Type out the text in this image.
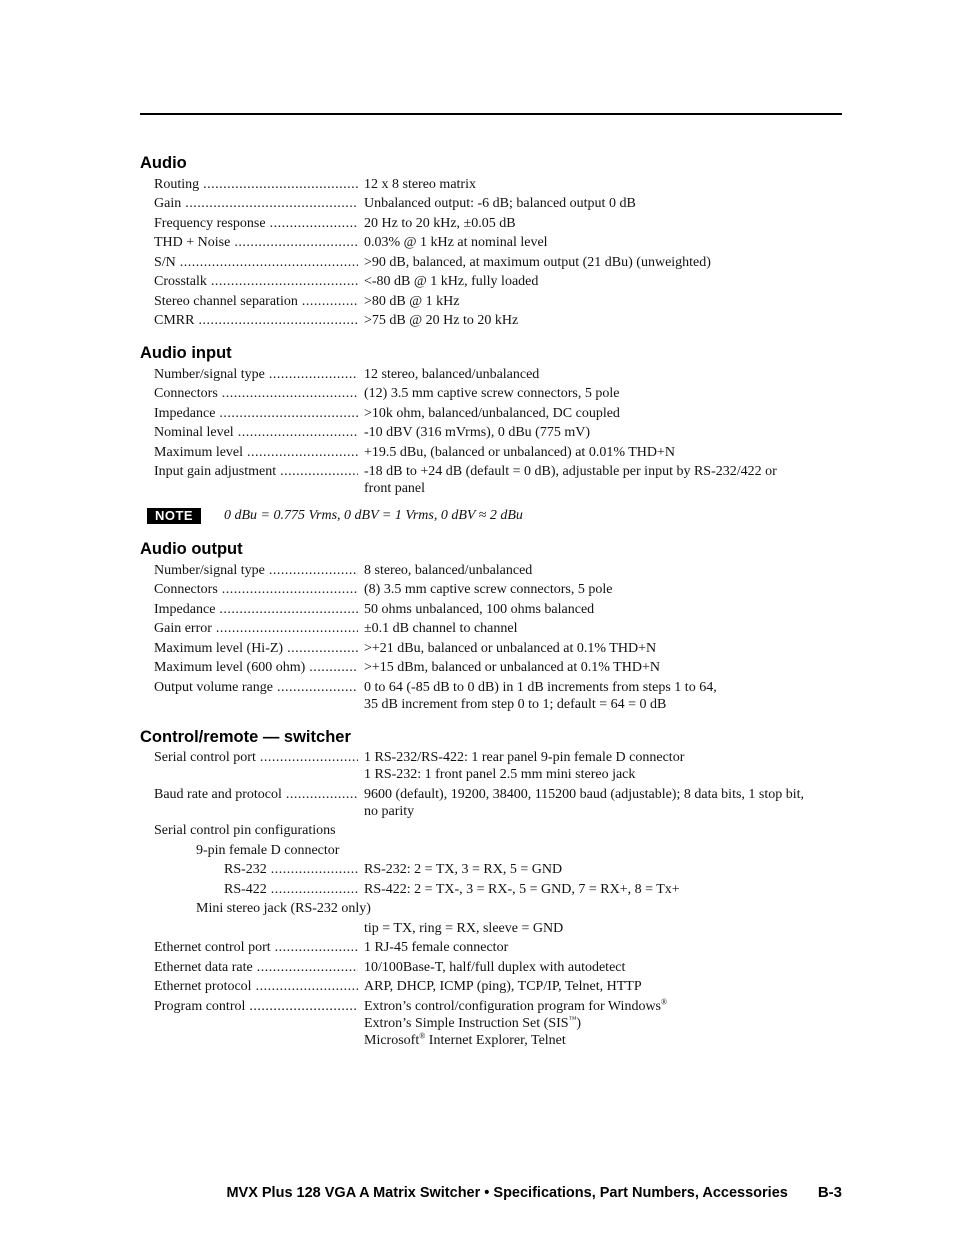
Audio
Routing .....	12 x 8 stereo matrix
Gain .....	Unbalanced output: -6 dB; balanced output 0 dB
Frequency response .....	20 Hz to 20 kHz, ±0.05 dB
THD + Noise .....	0.03% @ 1 kHz at nominal level
S/N .....	>90 dB, balanced, at maximum output (21 dBu) (unweighted)
Crosstalk .....	<-80 dB @ 1 kHz, fully loaded
Stereo channel separation .....	>80 dB @ 1 kHz
CMRR .....	>75 dB @ 20 Hz to 20 kHz
Audio input
Number/signal type .....	12 stereo, balanced/unbalanced
Connectors .....	(12) 3.5 mm captive screw connectors, 5 pole
Impedance .....	>10k ohm, balanced/unbalanced, DC coupled
Nominal level .....	-10 dBV (316 mVrms), 0 dBu (775 mV)
Maximum level .....	+19.5 dBu, (balanced or unbalanced) at 0.01% THD+N
Input gain adjustment .....	-18 dB to +24 dB (default = 0 dB), adjustable per input by RS-232/422 or
front panel
NOTE	0 dBu = 0.775 Vrms, 0 dBV = 1 Vrms, 0 dBV ≈ 2 dBu
Audio output
Number/signal type .....	8 stereo, balanced/unbalanced
Connectors .....	(8) 3.5 mm captive screw connectors, 5 pole
Impedance .....	50 ohms unbalanced, 100 ohms balanced
Gain error .....	±0.1 dB channel to channel
Maximum level (Hi-Z) .....	>+21 dBu, balanced or unbalanced at 0.1% THD+N
Maximum level (600 ohm) .....	>+15 dBm, balanced or unbalanced at 0.1% THD+N
Output volume range .....	0 to 64 (-85 dB to 0 dB) in 1 dB increments from steps 1 to 64,
35 dB increment from step 0 to 1; default = 64 = 0 dB
Control/remote — switcher
Serial control port .....	1 RS-232/RS-422: 1 rear panel 9-pin female D connector
1 RS-232: 1 front panel 2.5 mm mini stereo jack
Baud rate and protocol .....	9600 (default), 19200, 38400, 115200 baud (adjustable); 8 data bits, 1 stop bit,
no parity
Serial control pin configurations
9-pin female D connector
RS-232 .....	RS-232: 2 = TX, 3 = RX, 5 = GND
RS-422 .....	RS-422: 2 = TX-, 3 = RX-, 5 = GND, 7 = RX+, 8 = Tx+
Mini stereo jack (RS-232 only)
tip = TX, ring = RX, sleeve = GND
Ethernet control port .....	1 RJ-45 female connector
Ethernet data rate .....	10/100Base-T, half/full duplex with autodetect
Ethernet protocol .....	ARP, DHCP, ICMP (ping), TCP/IP, Telnet, HTTP
Program control .....	Extron’s control/configuration program for Windows®
Extron’s Simple Instruction Set (SIS™)
Microsoft® Internet Explorer, Telnet
MVX Plus 128 VGA A Matrix Switcher • Specifications, Part Numbers, Accessories B-3
